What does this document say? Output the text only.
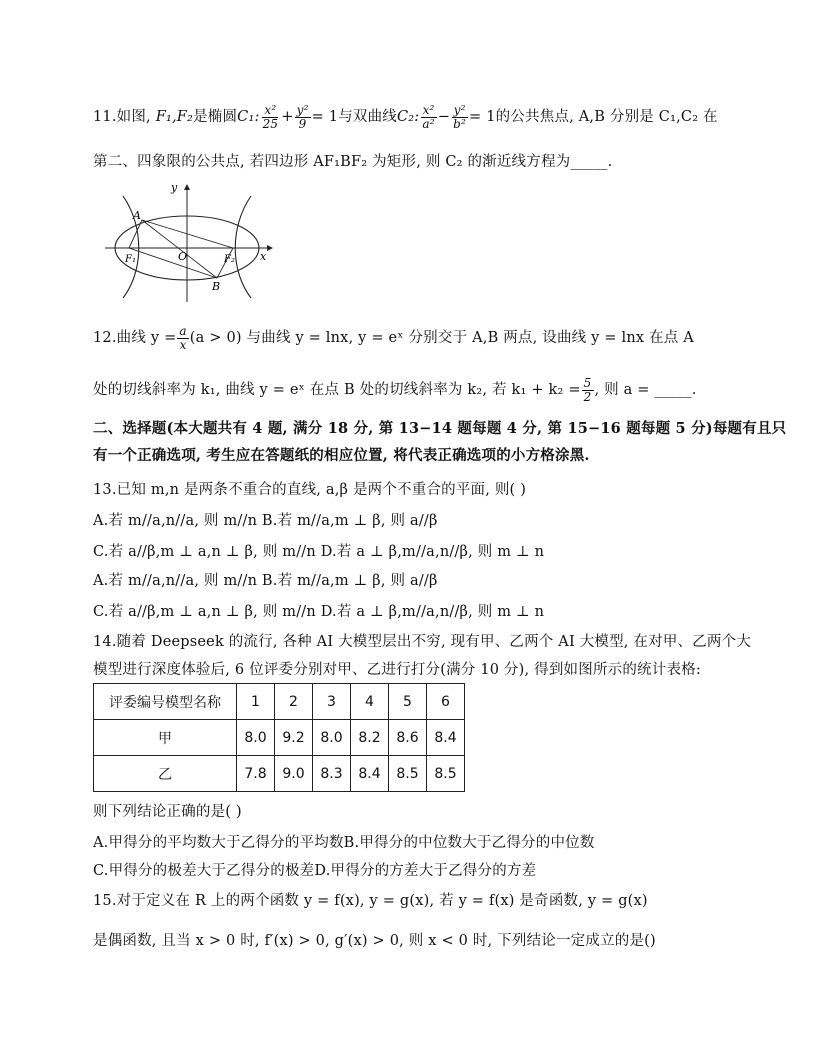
11.如图, F₁,F₂是椭圆C₁: $\frac{\text{x²}}{25} + \frac{\text{y²}}{9} = 1$与双曲线C₂: $\frac{\text{x²}}{\text{a²}} - \frac{\text{y²}}{\text{b²}} = 1$的公共焦点, A,B 分别是 C₁,C₂ 在
第二、四象限的公共点, 若四边形 AF₁BF₂ 为矩形, 则 C₂ 的渐近线方程为_____.
y
x
A
B
O
F₁	F₂
12.曲线 $y = \frac{a}{x} (a > 0)$ 与曲线 y = lnx, y = eˣ 分别交于 A,B 两点, 设曲线 y = lnx 在点 A
处的切线斜率为 k₁, 曲线 y = eˣ 在点 B 处的切线斜率为 k₂, 若 $k_1 + k_2 = \frac{5}{2}$ , 则 a = _____.
二、选择题(本大题共有 4 题, 满分 18 分, 第 13−14 题每题 4 分, 第 15−16 题每题 5 分)每题有且只
有一个正确选项, 考生应在答题纸的相应位置, 将代表正确选项的小方格涂黑.
13.已知 m,n 是两条不重合的直线, a,β 是两个不重合的平面, 则( )
A.若 m//a,n//a, 则 m//n B.若 m//a,m ⊥ β, 则 a//β
C.若 a//β,m ⊥ a,n ⊥ β, 则 m//n D.若 a ⊥ β,m//a,n//β, 则 m ⊥ n
A.若 m//a,n//a, 则 m//n B.若 m//a,m ⊥ β, 则 a//β
C.若 a//β,m ⊥ a,n ⊥ β, 则 m//n D.若 a ⊥ β,m//a,n//β, 则 m ⊥ n
14.随着 Deepseek 的流行, 各种 AI 大模型层出不穷, 现有甲、乙两个 AI 大模型, 在对甲、乙两个大
模型进行深度体验后, 6 位评委分别对甲、乙进行打分(满分 10 分), 得到如图所示的统计表格:
评委编号模型名称	1	2	3	4	5	6
甲	8.0	9.2	8.0	8.2	8.6	8.4
乙	7.8	9.0	8.3	8.4	8.5	8.5
则下列结论正确的是( )
A.甲得分的平均数大于乙得分的平均数B.甲得分的中位数大于乙得分的中位数
C.甲得分的极差大于乙得分的极差D.甲得分的方差大于乙得分的方差
15.对于定义在 R 上的两个函数 y = f(x), y = g(x), 若 y = f(x) 是奇函数, y = g(x)
是偶函数, 且当 x > 0 时, f′(x) > 0, g′(x) > 0, 则 x < 0 时, 下列结论一定成立的是()
